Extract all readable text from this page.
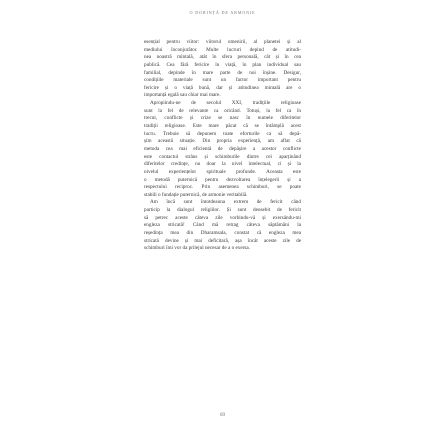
O DORINȚĂ DE ARMONIE
esențial pentru viitor: viitorul omenirii, al planetei și al
mediului înconjurător. Multe lucruri depind de atitudi-
nea noastră mintală, atât în sfera personală, cât și în cea
publică. Cea fără fericire în viață, în plan individual sau
familial, depinde în mare parte de noi înșine. Desigur,
condițiile materiale sunt un factor important pentru
fericire și o viață bună, dar și atitudinea mintală are o
importanță egală sau chiar mai mare.
Apropiindu-ne de secolul XXI, tradițiile religioase
sunt la fel de relevante ca oricând. Totuși, la fel ca în
trecut, conflicte și crize se nasc în numele diferitelor
tradiții religioase. Este mare păcat că se întâmplă acest
lucru. Trebuie să depunem toate eforturile ca să depă-
șim această situație. Din propria experiență, am aflat că
metoda cea mai eficientă de depășire a acestor conflicte
este contactul strâns și schimburile dintre cei aparținând
diferitelor credințe, nu doar la nivel intelectual, ci și la
nivelul experiențelor spirituale profunde. Aceasta este
o metodă puternică pentru dezvoltarea înțelegerii și a
respectului reciproc. Prin asemenea schimburi, se poate
stabili o fundație puternică, de armonie veritabilă.
Am încă sunt întotdeauna extrem de fericit când
particip la dialogul religiilor. Și sunt deosebit de fericit
să petrec aceste câteva zile vorbindu-vă și exersându-mi
engleza stricată! Când mă retrag câteva săptămâni la
reședința mea din Dharamsala, constat că engleza mea
stricată devine și mai deficitară, așa încât aceste zile de
schimburi îmi vor da prilejul necesar de a o exersa.
69
